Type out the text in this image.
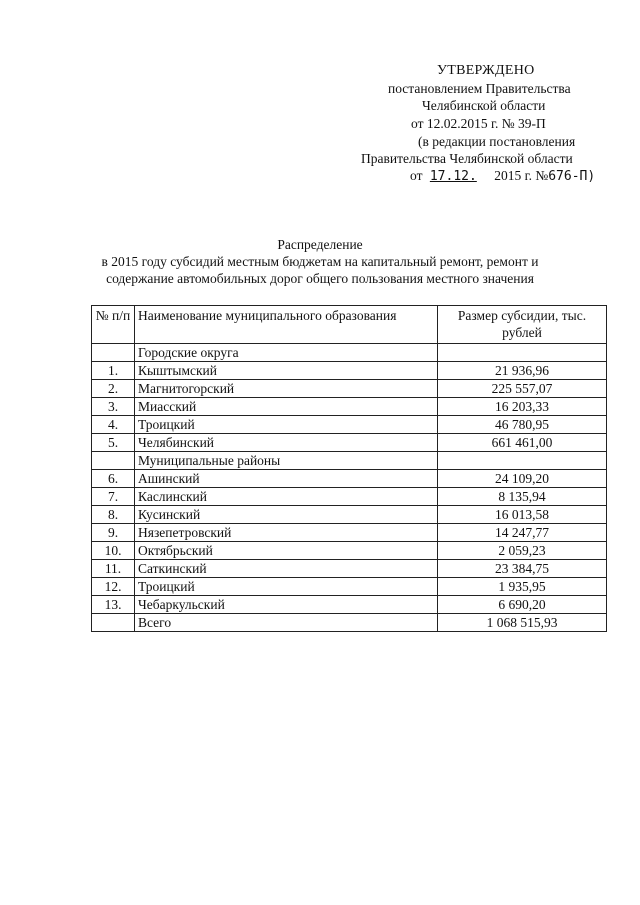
УТВЕРЖДЕНО
постановлением Правительства
Челябинской области
от 12.02.2015 г. № 39-П
(в редакции постановления
Правительства Челябинской области
от 17.12. 2015 г. №676-П)
Распределение
в 2015 году субсидий местным бюджетам на капитальный ремонт, ремонт и
содержание автомобильных дорог общего пользования местного значения
№ п/п	Наименование муниципального образования	Размер субсидии, тыс. рублей
	Городские округа	
1.	Кыштымский	21 936,96
2.	Магнитогорский	225 557,07
3.	Миасский	16 203,33
4.	Троицкий	46 780,95
5.	Челябинский	661 461,00
	Муниципальные районы	
6.	Ашинский	24 109,20
7.	Каслинский	8 135,94
8.	Кусинский	16 013,58
9.	Нязепетровский	14 247,77
10.	Октябрьский	2 059,23
11.	Саткинский	23 384,75
12.	Троицкий	1 935,95
13.	Чебаркульский	6 690,20
	Всего	1 068 515,93
